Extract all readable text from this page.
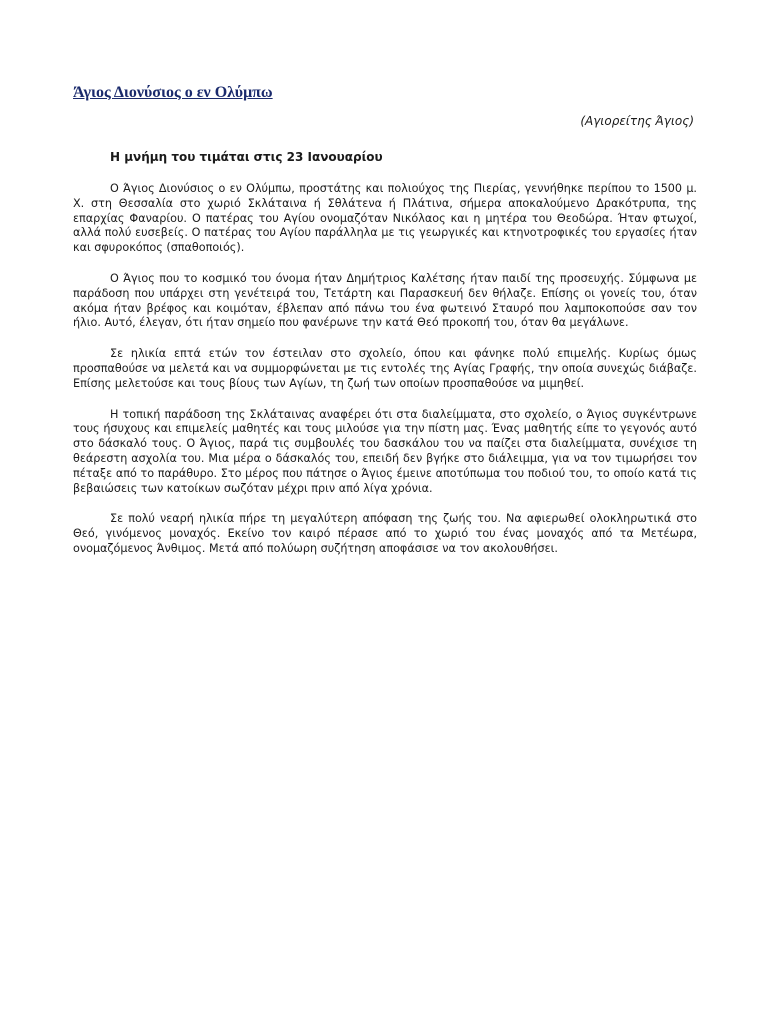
Άγιος Διονύσιος ο εν Ολύμπω
(Αγιορείτης Άγιος)
Η μνήμη του τιμάται στις 23 Ιανουαρίου

Ο Άγιος Διονύσιος ο εν Ολύμπω, προστάτης και πολιούχος της Πιερίας, γεννήθηκε περίπου το 1500 μ. Χ. στη Θεσσαλία στο χωριό Σκλάταινα ή Σθλάτενα ή Πλάτινα, σήμερα αποκαλούμενο Δρακότρυπα, της επαρχίας Φαναρίου. Ο πατέρας του Αγίου ονομαζόταν Νικόλαος και η μητέρα του Θεοδώρα. Ήταν φτωχοί, αλλά πολύ ευσεβείς. Ο πατέρας του Αγίου παράλληλα με τις γεωργικές και κτηνοτροφικές του εργασίες ήταν και σφυροκόπος (σπαθοποιός).

Ο Άγιος που το κοσμικό του όνομα ήταν Δημήτριος Καλέτσης ήταν παιδί της προσευχής. Σύμφωνα με παράδοση που υπάρχει στη γενέτειρά του, Τετάρτη και Παρασκευή δεν θήλαζε. Επίσης οι γονείς του, όταν ακόμα ήταν βρέφος και κοιμόταν, έβλεπαν από πάνω του ένα φωτεινό Σταυρό που λαμποκοπούσε σαν τον ήλιο. Αυτό, έλεγαν, ότι ήταν σημείο που φανέρωνε την κατά Θεό προκοπή του, όταν θα μεγάλωνε.

Σε ηλικία επτά ετών τον έστειλαν στο σχολείο, όπου και φάνηκε πολύ επιμελής. Κυρίως όμως προσπαθούσε να μελετά και να συμμορφώνεται με τις εντολές της Αγίας Γραφής, την οποία συνεχώς διάβαζε. Επίσης μελετούσε και τους βίους των Αγίων, τη ζωή των οποίων προσπαθούσε να μιμηθεί.

Η τοπική παράδοση της Σκλάταινας αναφέρει ότι στα διαλείμματα, στο σχολείο, ο Άγιος συγκέντρωνε τους ήσυχους και επιμελείς μαθητές και τους μιλούσε για την πίστη μας. Ένας μαθητής είπε το γεγονός αυτό στο δάσκαλό τους. Ο Άγιος, παρά τις συμβουλές του δασκάλου του να παίζει στα διαλείμματα, συνέχισε τη θεάρεστη ασχολία του. Μια μέρα ο δάσκαλός του, επειδή δεν βγήκε στο διάλειμμα, για να τον τιμωρήσει τον πέταξε από το παράθυρο. Στο μέρος που πάτησε ο Άγιος έμεινε αποτύπωμα του ποδιού του, το οποίο κατά τις βεβαιώσεις των κατοίκων σωζόταν μέχρι πριν από λίγα χρόνια.

Σε πολύ νεαρή ηλικία πήρε τη μεγαλύτερη απόφαση της ζωής του. Να αφιερωθεί ολοκληρωτικά στο Θεό, γινόμενος μοναχός. Εκείνο τον καιρό πέρασε από το χωριό του ένας μοναχός από τα Μετέωρα, ονομαζόμενος Άνθιμος. Μετά από πολύωρη συζήτηση αποφάσισε να τον ακολουθήσει.
